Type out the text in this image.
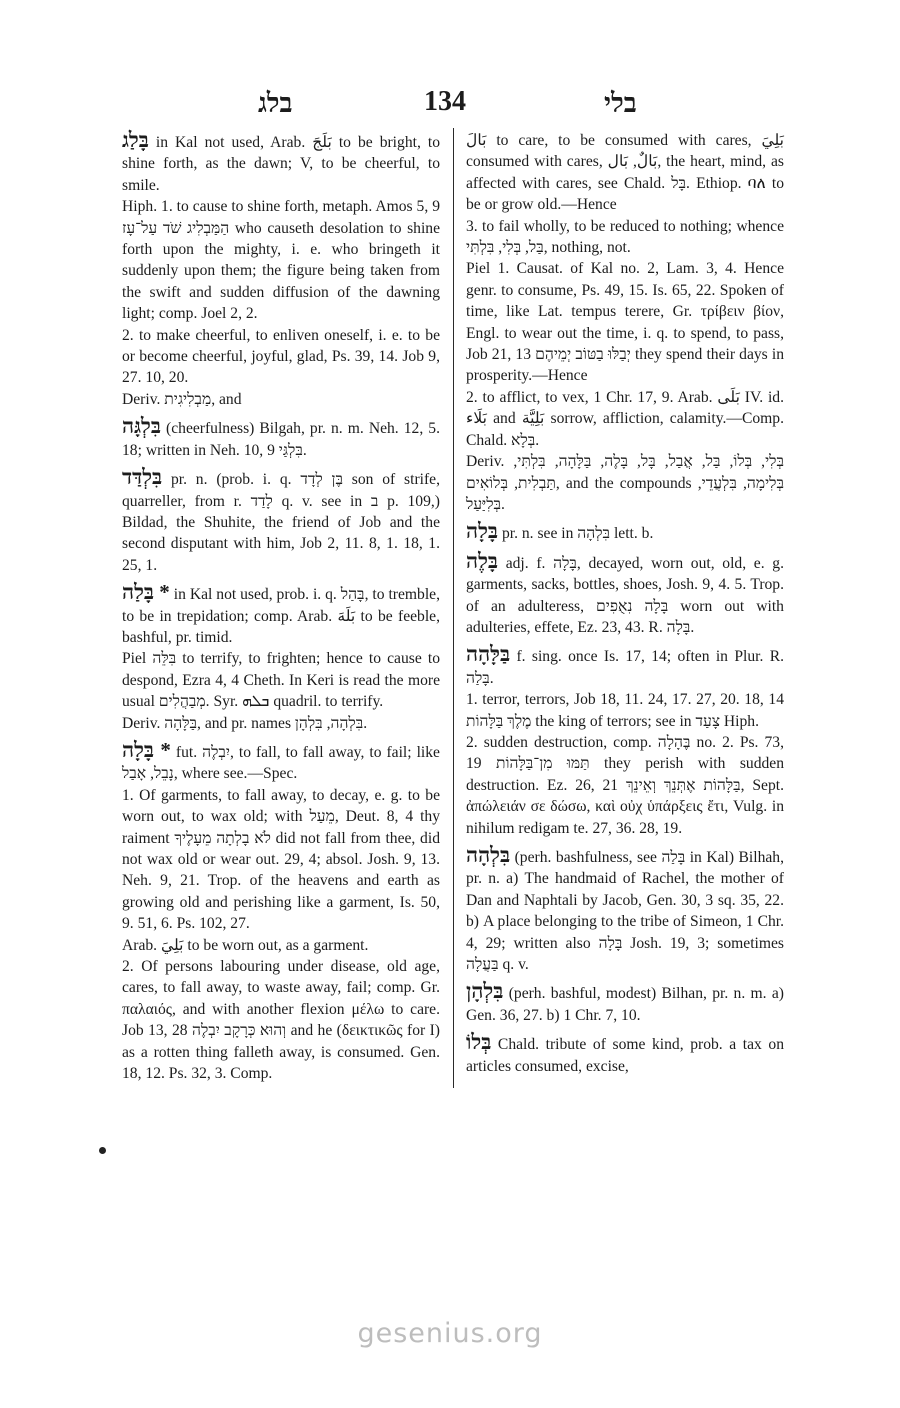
בלג	134	בלי

בָּלַג in Kal not used, Arab. بَلَجَ to be bright, to shine forth, as the dawn; V, to be cheerful, to smile.

Hiph. 1. to cause to shine forth, metaph. Amos 5, 9 הַמַּבְלִיג שֹׁד עַל־עָז who causeth desolation to shine forth upon the mighty, i. e. who bringeth it suddenly upon them; the figure being taken from the swift and sudden diffusion of the dawning light; comp. Joel 2, 2.

2. to make cheerful, to enliven oneself, i. e. to be or become cheerful, joyful, glad, Ps. 39, 14. Job 9, 27. 10, 20.

Deriv. מַבְלִיגִית, and

בִּלְגָּה (cheerfulness) Bilgah, pr. n. m. Neh. 12, 5. 18; written in Neh. 10, 9 בִּלְגַּי.

בִּלְדַּד pr. n. (prob. i. q. בֶּן לְדָד son of strife, quarreller, from r. לָדַד q. v. see in ב p. 109,) Bildad, the Shuhite, the friend of Job and the second disputant with him, Job 2, 11. 8, 1. 18, 1. 25, 1.

* בָּלַה in Kal not used, prob. i. q. בָּהַל, to tremble, to be in trepidation; comp. Arab. بَلَهَ to be feeble, bashful, pr. timid.

Piel בִּלֵּה to terrify, to frighten; hence to cause to despond, Ezra 4, 4 Cheth. In Keri is read the more usual מְבַהֲלִים. Syr. ܒܠܗ quadril. to terrify.

Deriv. בַּלָּהָה, and pr. names בִּלְהָה, בִּלְהָן.

* בָּלָה fut. יִבְלֶה, to fall, to fall away, to fail; like נָבֵל, אָבַל, where see.—Spec.

1. Of garments, to fall away, to decay, e. g. to be worn out, to wax old; with מֵעַל, Deut. 8, 4 thy raiment לֹא בָלְתָה מֵעָלֶיךָ did not fall from thee, did not wax old or wear out. 29, 4; absol. Josh. 9, 13. Neh. 9, 21. Trop. of the heavens and earth as growing old and perishing like a garment, Is. 50, 9. 51, 6. Ps. 102, 27.

Arab. بَلِيَ to be worn out, as a garment.

2. Of persons labouring under disease, old age, cares, to fall away, to waste away, fail; comp. Gr. παλαιός, and with another flexion μέλω to care. Job 13, 28 וְהוּא כְּרָקָב יִבְלֶה and he (δεικτικῶς for I) as a rotten thing falleth away, is consumed. Gen. 18, 12. Ps. 32, 3. Comp.

بَالَ to care, to be consumed with cares, بَلِيَ consumed with cares, بَالٌ, بَال, the heart, mind, as affected with cares, see Chald. בָּל. Ethiop. ባለ to be or grow old.—Hence

3. to fail wholly, to be reduced to nothing; whence בַּל, בְּלִי, בִּלְתִּי, nothing, not.

Piel 1. Causat. of Kal no. 2, Lam. 3, 4. Hence genr. to consume, Ps. 49, 15. Is. 65, 22. Spoken of time, like Lat. tempus terere, Gr. τρίβειν βίον, Engl. to wear out the time, i. q. to spend, to pass, Job 21, 13 יְבַלּוּ בַטּוֹב יְמֵיהֶם they spend their days in prosperity.—Hence

2. to afflict, to vex, 1 Chr. 17, 9. Arab. بَلَى IV. id. بَلَاء and بَلِيَّة sorrow, affliction, calamity.—Comp. Chald. בְּלָא.

Deriv. בְּלִי, בְּלוֹ, בַּל, אֲבַל, בָּל, בָּלֶה, בַּלָּהָה, בִּלְתִּי, תַּבְלִית, בְּלוֹאִים, and the compounds בְּלִימָה, בִּלְעֲדֵי, בְּלִיַּעַל.

בָּלָה pr. n. see in בִּלְהָה lett. b.

בָּלֶה adj. f. בָּלָה, decayed, worn out, old, e. g. garments, sacks, bottles, shoes, Josh. 9, 4. 5. Trop. of an adulteress, בָּלָה נִאֻפִים worn out with adulteries, effete, Ez. 23, 43. R. בָּלָה.

בַּלָּהָה f. sing. once Is. 17, 14; often in Plur. R. בָּלַה.

1. terror, terrors, Job 18, 11. 24, 17. 27, 20. 18, 14 מֶלֶךְ בַּלָּהוֹת the king of terrors; see in צָעַד Hiph.

2. sudden destruction, comp. בֶּהָלָה no. 2. Ps. 73, 19 תַּמּוּ מִן־בַּלָּהוֹת they perish with sudden destruction. Ez. 26, 21 בַּלָּהוֹת אֶתְּנֵךְ וְאֵינֵךְ, Sept. ἀπώλειάν σε δώσω, καὶ οὐχ ὑπάρξεις ἔτι, Vulg. in nihilum redigam te. 27, 36. 28, 19.

בִּלְהָה (perh. bashfulness, see בָּלַה in Kal) Bilhah, pr. n. a) The handmaid of Rachel, the mother of Dan and Naphtali by Jacob, Gen. 30, 3 sq. 35, 22. b) A place belonging to the tribe of Simeon, 1 Chr. 4, 29; written also בָּלָה Josh. 19, 3; sometimes בַּעֲלָה q. v.

בִּלְהָן (perh. bashful, modest) Bilhan, pr. n. m. a) Gen. 36, 27. b) 1 Chr. 7, 10.

בְּלוֹ Chald. tribute of some kind, prob. a tax on articles consumed, excise,

gesenius.org
